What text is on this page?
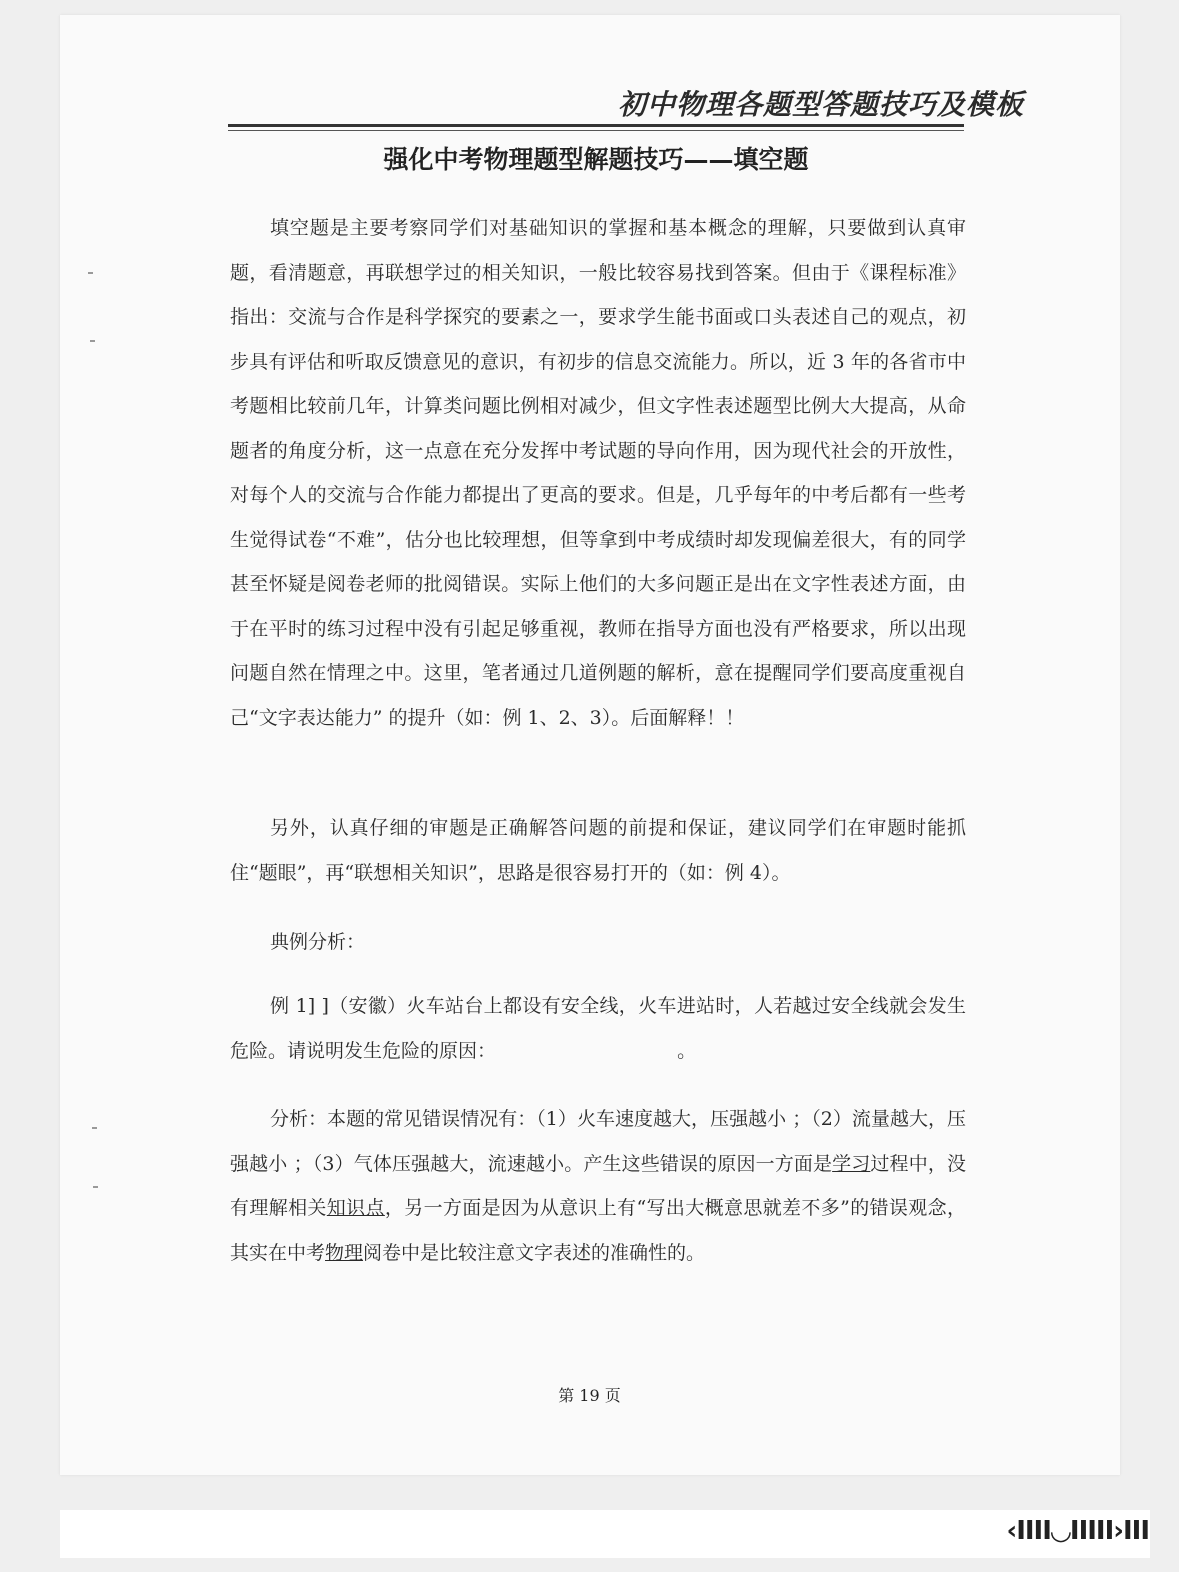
初中物理各题型答题技巧及模板
强化中考物理题型解题技巧——填空题

填空题是主要考察同学们对基础知识的掌握和基本概念的理解，只要做到认真审题，看清题意，再联想学过的相关知识，一般比较容易找到答案。但由于《课程标准》指出：交流与合作是科学探究的要素之一，要求学生能书面或口头表述自己的观点，初步具有评估和听取反馈意见的意识，有初步的信息交流能力。所以，近 3 年的各省市中考题相比较前几年，计算类问题比例相对减少，但文字性表述题型比例大大提高，从命题者的角度分析，这一点意在充分发挥中考试题的导向作用，因为现代社会的开放性，对每个人的交流与合作能力都提出了更高的要求。但是，几乎每年的中考后都有一些考生觉得试卷“不难”，估分也比较理想，但等拿到中考成绩时却发现偏差很大，有的同学甚至怀疑是阅卷老师的批阅错误。实际上他们的大多问题正是出在文字性表述方面，由于在平时的练习过程中没有引起足够重视，教师在指导方面也没有严格要求，所以出现问题自然在情理之中。这里，笔者通过几道例题的解析，意在提醒同学们要高度重视自己“文字表达能力” 的提升（如：例 1、2、3）。后面解释！！

另外，认真仔细的审题是正确解答问题的前提和保证，建议同学们在审题时能抓住“题眼”，再“联想相关知识”，思路是很容易打开的（如：例 4）。

典例分析：

例 1] ]（安徽）火车站台上都设有安全线，火车进站时，人若越过安全线就会发生危险。请说明发生危险的原因：                              。

分析：本题的常见错误情况有：（1）火车速度越大，压强越小 ；（2）流量越大，压强越小 ；（3）气体压强越大，流速越小。产生这些错误的原因一方面是学习过程中，没有理解相关知识点，另一方面是因为从意识上有“写出大概意思就差不多”的错误观念，其实在中考物理阅卷中是比较注意文字表述的准确性的。

第 19 页
‹IIII◡IIIII›III
